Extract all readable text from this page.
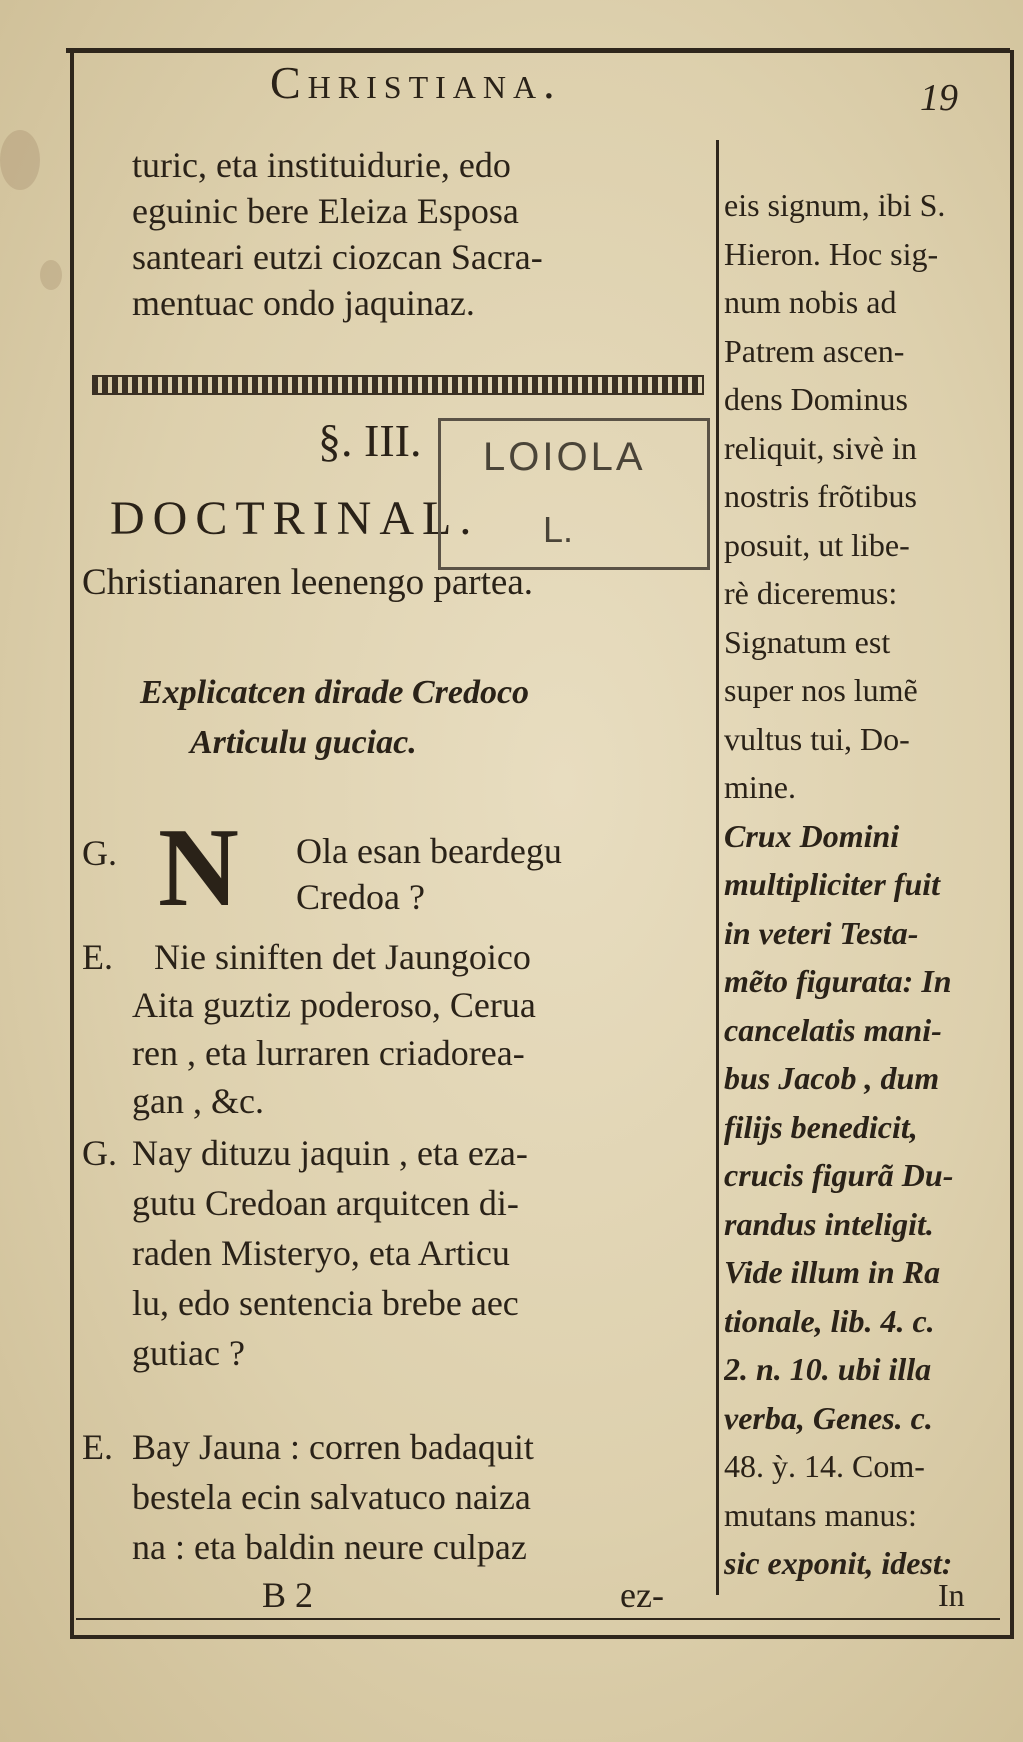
Christiana.	19
turic, eta instituidurie, edo
eguinic bere Eleiza Esposa
santeari eutzi ciozcan Sacra-
mentuac ondo jaquinaz.
§. III.
DOCTRINAL.
LOIOLA
L.
Christianaren leenengo partea.
Explicatcen dirade Credoco
Articulu guciac.
G. N Ola esan beardegu
Credoa ?
E. Nie siniften det Jaungoico
Aita guztiz poderoso, Cerua
ren , eta lurraren criadorea-
gan , &c.
G. Nay dituzu jaquin , eta eza-
gutu Credoan arquitcen di-
raden Misteryo, eta Articu
lu, edo sentencia brebe aec
gutiac ?
E. Bay Jauna : corren badaquit
bestela ecin salvatuco naiza
na : eta baldin neure culpaz
B 2	ez-	In
eis signum, ibi S.
Hieron. Hoc sig-
num nobis ad
Patrem ascen-
dens Dominus
reliquit, sivè in
nostris frõtibus
posuit, ut libe-
rè diceremus:
Signatum est
super nos lumẽ
vultus tui, Do-
mine.
Crux Domini
multipliciter fuit
in veteri Testa-
mẽto figurata: In
cancelatis mani-
bus Jacob , dum
filijs benedicit,
crucis figurã Du-
randus inteligit.
Vide illum in Ra
tionale, lib. 4. c.
2. n. 10. ubi illa
verba, Genes. c.
48. ỳ. 14. Com-
mutans manus:
sic exponit, idest:
